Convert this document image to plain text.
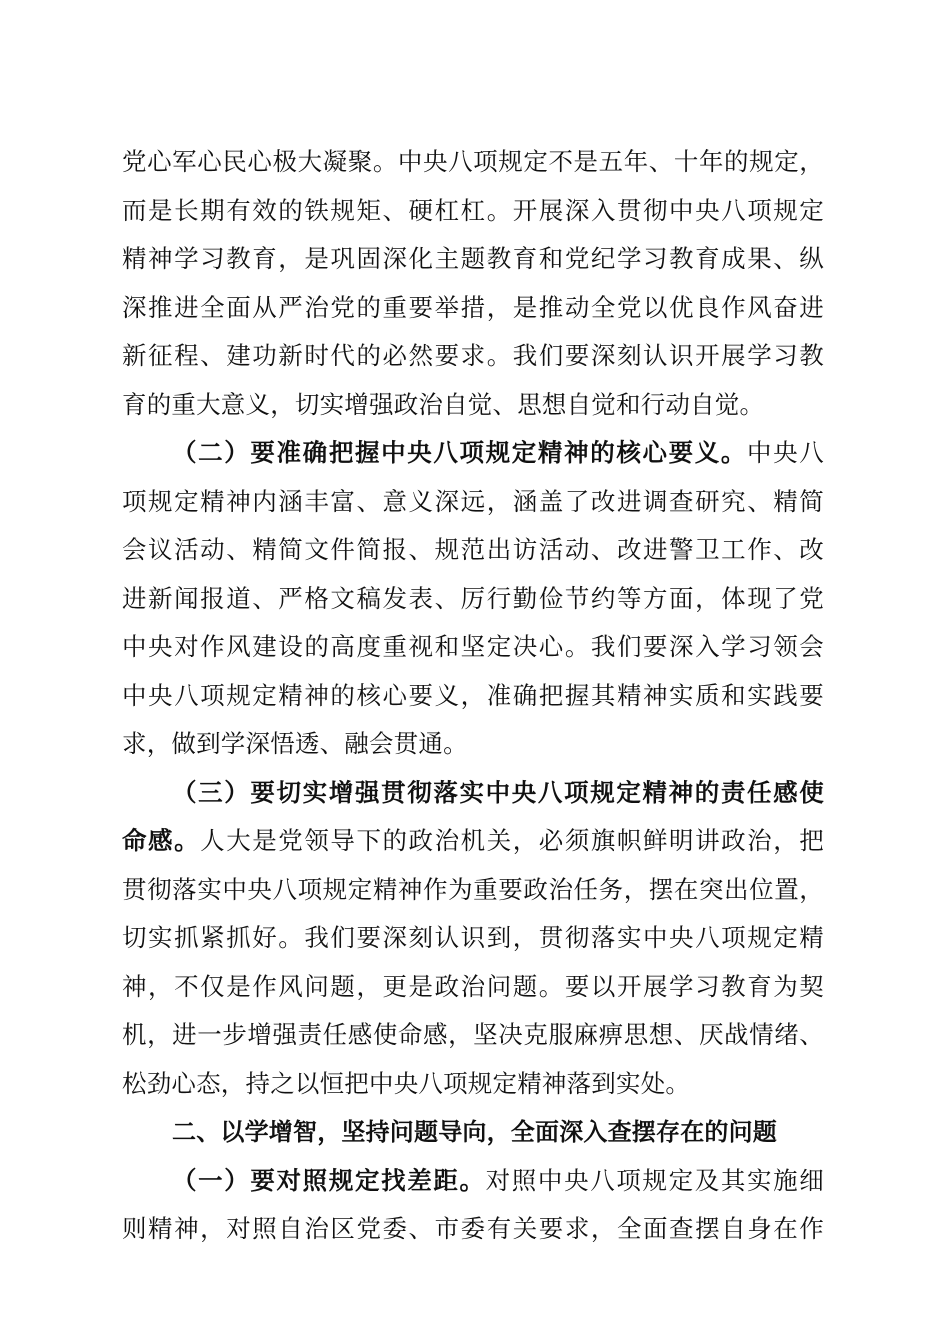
党心军心民心极大凝聚。中央八项规定不是五年、十年的规定，
而是长期有效的铁规矩、硬杠杠。开展深入贯彻中央八项规定
精神学习教育，是巩固深化主题教育和党纪学习教育成果、纵
深推进全面从严治党的重要举措，是推动全党以优良作风奋进
新征程、建功新时代的必然要求。我们要深刻认识开展学习教
育的重大意义，切实增强政治自觉、思想自觉和行动自觉。
（二）要准确把握中央八项规定精神的核心要义。中央八
项规定精神内涵丰富、意义深远，涵盖了改进调查研究、精简
会议活动、精简文件简报、规范出访活动、改进警卫工作、改
进新闻报道、严格文稿发表、厉行勤俭节约等方面，体现了党
中央对作风建设的高度重视和坚定决心。我们要深入学习领会
中央八项规定精神的核心要义，准确把握其精神实质和实践要
求，做到学深悟透、融会贯通。
（三）要切实增强贯彻落实中央八项规定精神的责任感使
命感。人大是党领导下的政治机关，必须旗帜鲜明讲政治，把
贯彻落实中央八项规定精神作为重要政治任务，摆在突出位置，
切实抓紧抓好。我们要深刻认识到，贯彻落实中央八项规定精
神，不仅是作风问题，更是政治问题。要以开展学习教育为契
机，进一步增强责任感使命感，坚决克服麻痹思想、厌战情绪、
松劲心态，持之以恒把中央八项规定精神落到实处。
二、以学增智，坚持问题导向，全面深入查摆存在的问题
（一）要对照规定找差距。对照中央八项规定及其实施细
则精神，对照自治区党委、市委有关要求，全面查摆自身在作
